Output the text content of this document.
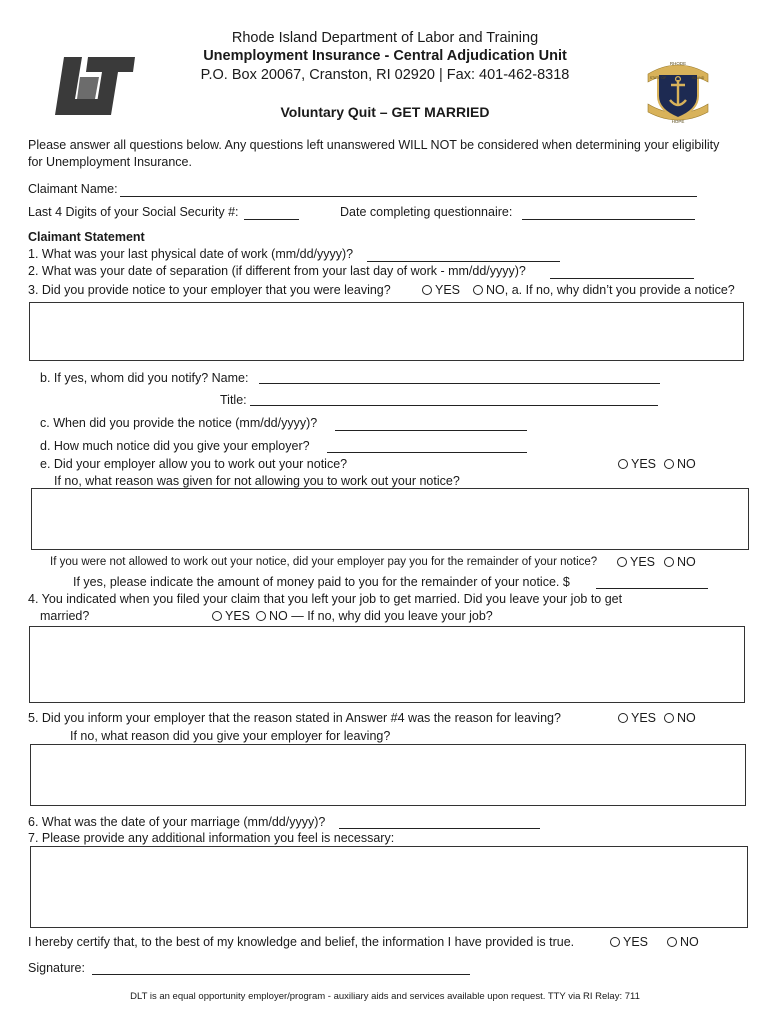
RHODE
STATE OF	ISLAND
HOPE
Rhode Island Department of Labor and Training
Unemployment Insurance - Central Adjudication Unit
P.O. Box 20067, Cranston, RI 02920 | Fax: 401-462-8318
Voluntary Quit – GET MARRIED
Please answer all questions below. Any questions left unanswered WILL NOT be considered when determining your eligibility
for Unemployment Insurance.
Claimant Name:
Last 4 Digits of your Social Security #:	Date completing questionnaire:
Claimant Statement
1. What was your last physical date of work (mm/dd/yyyy)?
2. What was your date of separation (if different from your last day of work - mm/dd/yyyy)?
3. Did you provide notice to your employer that you were leaving?	YES	NO, a. If no, why didn’t you provide a notice?
b. If yes, whom did you notify? Name:
Title:
c. When did you provide the notice (mm/dd/yyyy)?
d. How much notice did you give your employer?
e. Did your employer allow you to work out your notice?	YES	NO
If no, what reason was given for not allowing you to work out your notice?
If you were not allowed to work out your notice, did your employer pay you for the remainder of your notice?	YES	NO
If yes, please indicate the amount of money paid to you for the remainder of your notice. $
4. You indicated when you filed your claim that you left your job to get married. Did you leave your job to get
married?	YES	NO — If no, why did you leave your job?
5. Did you inform your employer that the reason stated in Answer #4 was the reason for leaving?	YES	NO
If no, what reason did you give your employer for leaving?
6. What was the date of your marriage (mm/dd/yyyy)?
7. Please provide any additional information you feel is necessary:
I hereby certify that, to the best of my knowledge and belief, the information I have provided is true.	YES	NO
Signature:
DLT is an equal opportunity employer/program - auxiliary aids and services available upon request. TTY via RI Relay: 711
